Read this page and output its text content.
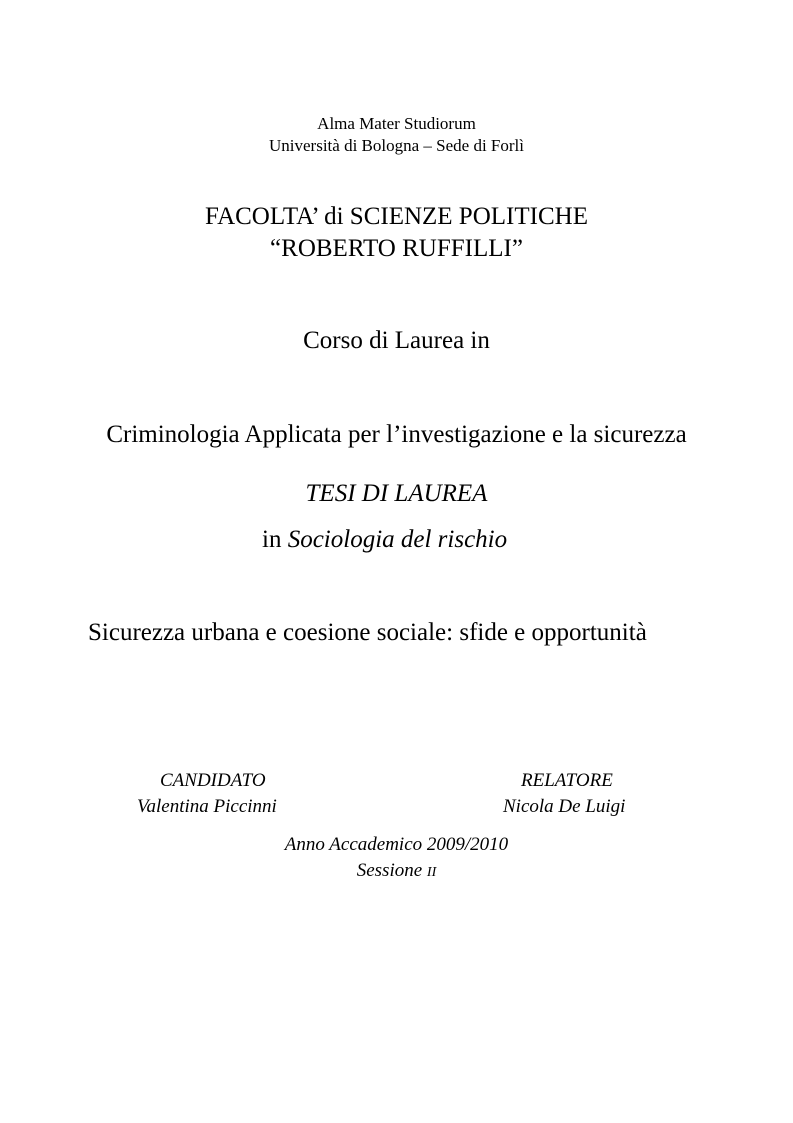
Alma Mater Studiorum
Università di Bologna – Sede di Forlì
FACOLTA’ di SCIENZE POLITICHE
“ROBERTO RUFFILLI”
Corso di Laurea in
Criminologia Applicata per l’investigazione e la sicurezza
TESI DI LAUREA
in Sociologia del rischio
Sicurezza urbana e coesione sociale: sfide e opportunità
CANDIDATO
Valentina Piccinni
RELATORE
Nicola De Luigi
Anno Accademico 2009/2010
Sessione II
